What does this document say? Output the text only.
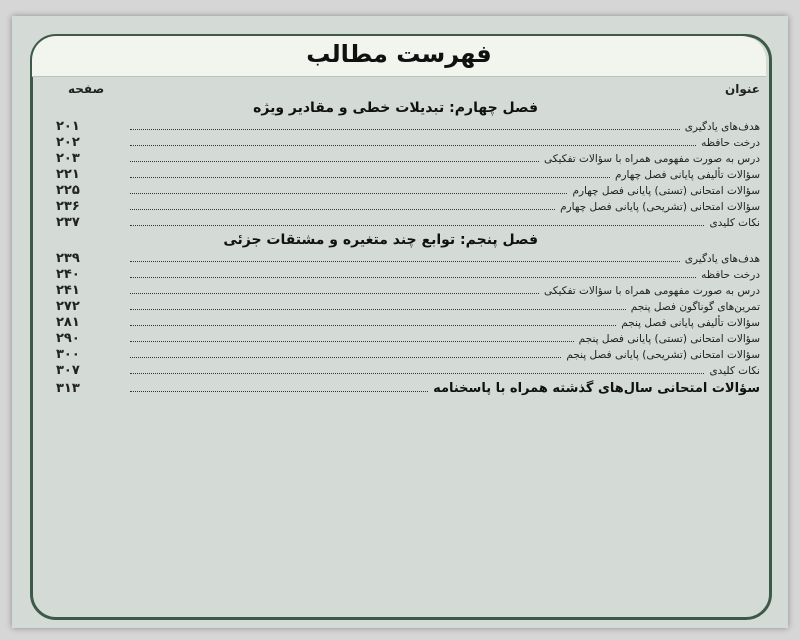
فهرست مطالب
عنوان
صفحه
فصل چهارم: تبدیلات خطی و مقادیر ویژه
هدف‌های یادگیری
۲۰۱
درخت حافظه
۲۰۲
درس به صورت مفهومی همراه با سؤالات تفکیکی
۲۰۳
سؤالات تألیفی پایانی فصل چهارم
۲۲۱
سؤالات امتحانی (تستی) پایانی فصل چهارم
۲۲۵
سؤالات امتحانی (تشریحی) پایانی فصل چهارم
۲۳۶
نکات کلیدی
۲۳۷
فصل پنجم: توابع چند متغیره و مشتقات جزئی
هدف‌های یادگیری
۲۳۹
درخت حافظه
۲۴۰
درس به صورت مفهومی همراه با سؤالات تفکیکی
۲۴۱
تمرین‌های گوناگون فصل پنجم
۲۷۲
سؤالات تألیفی پایانی فصل پنجم
۲۸۱
سؤالات امتحانی (تستی) پایانی فصل پنجم
۲۹۰
سؤالات امتحانی (تشریحی) پایانی فصل پنجم
۳۰۰
نکات کلیدی
۳۰۷
سؤالات امتحانی سال‌های گذشته همراه با پاسخنامه
۳۱۳
